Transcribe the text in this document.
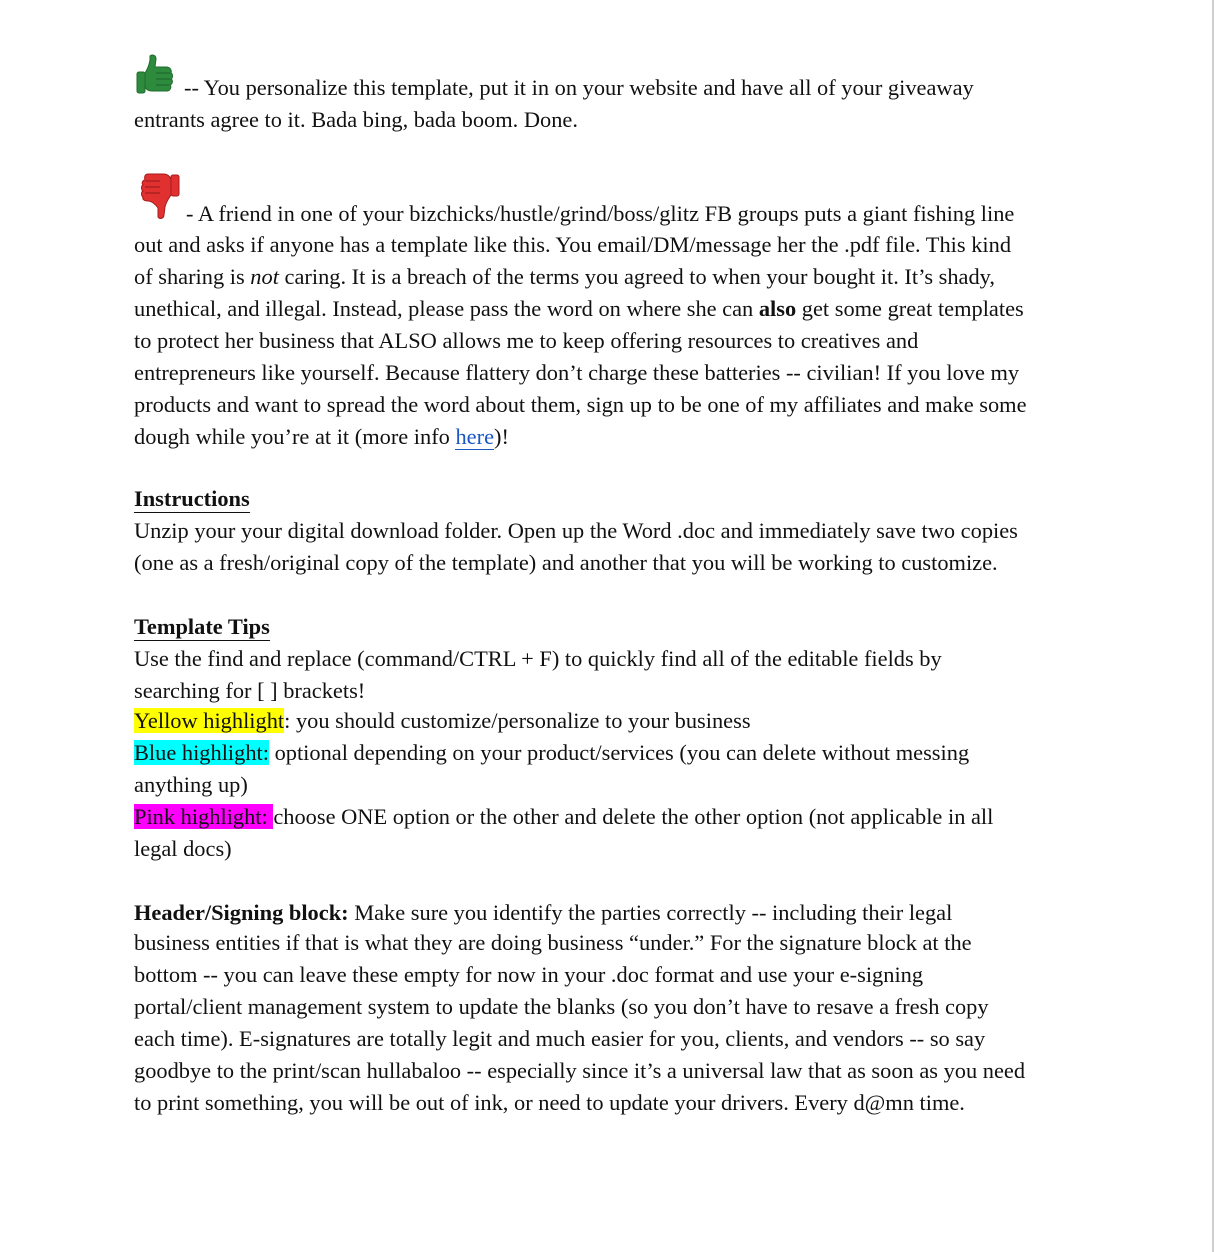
-- You personalize this template, put it in on your website and have all of your giveaway
entrants agree to it. Bada bing, bada boom. Done.
- A friend in one of your bizchicks/hustle/grind/boss/glitz FB groups puts a giant fishing line
out and asks if anyone has a template like this. You email/DM/message her the .pdf file. This kind
of sharing is not caring. It is a breach of the terms you agreed to when your bought it. It’s shady,
unethical, and illegal. Instead, please pass the word on where she can also get some great templates
to protect her business that ALSO allows me to keep offering resources to creatives and
entrepreneurs like yourself. Because flattery don’t charge these batteries -- civilian! If you love my
products and want to spread the word about them, sign up to be one of my affiliates and make some
dough while you’re at it (more info here)!
Instructions
Unzip your your digital download folder. Open up the Word .doc and immediately save two copies
(one as a fresh/original copy of the template) and another that you will be working to customize.
Template Tips
Use the find and replace (command/CTRL + F) to quickly find all of the editable fields by
searching for [ ] brackets!
Yellow highlight: you should customize/personalize to your business
Blue highlight: optional depending on your product/services (you can delete without messing
anything up)
Pink highlight: choose ONE option or the other and delete the other option (not applicable in all
legal docs)
Header/Signing block: Make sure you identify the parties correctly -- including their legal
business entities if that is what they are doing business “under.” For the signature block at the
bottom -- you can leave these empty for now in your .doc format and use your e-signing
portal/client management system to update the blanks (so you don’t have to resave a fresh copy
each time). E-signatures are totally legit and much easier for you, clients, and vendors -- so say
goodbye to the print/scan hullabaloo -- especially since it’s a universal law that as soon as you need
to print something, you will be out of ink, or need to update your drivers. Every d@mn time.
